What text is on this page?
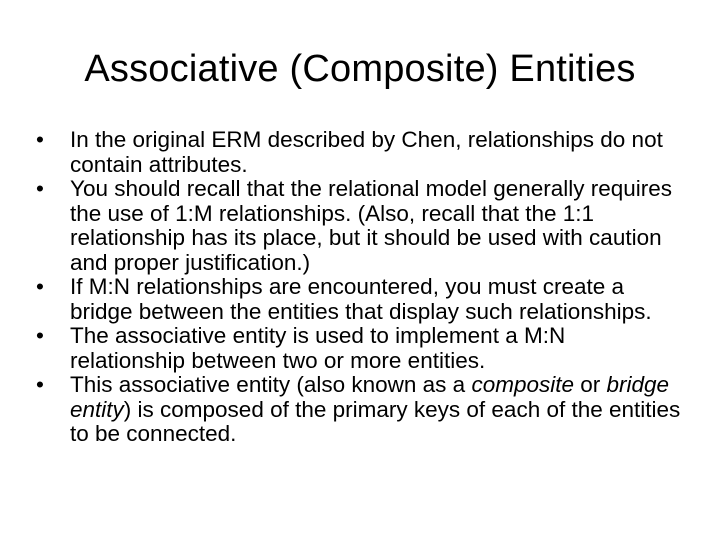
Associative (Composite) Entities
•	In the original ERM described by Chen, relationships do not contain attributes.
•	You should recall that the relational model generally requires the use of 1:M relationships. (Also, recall that the 1:1 relationship has its place, but it should be used with caution and proper justification.)
•	If M:N relationships are encountered, you must create a bridge between the entities that display such relationships.
•	The associative entity is used to implement a M:N relationship between two or more entities.
•	This associative entity (also known as a composite or bridge entity) is composed of the primary keys of each of the entities to be connected.
